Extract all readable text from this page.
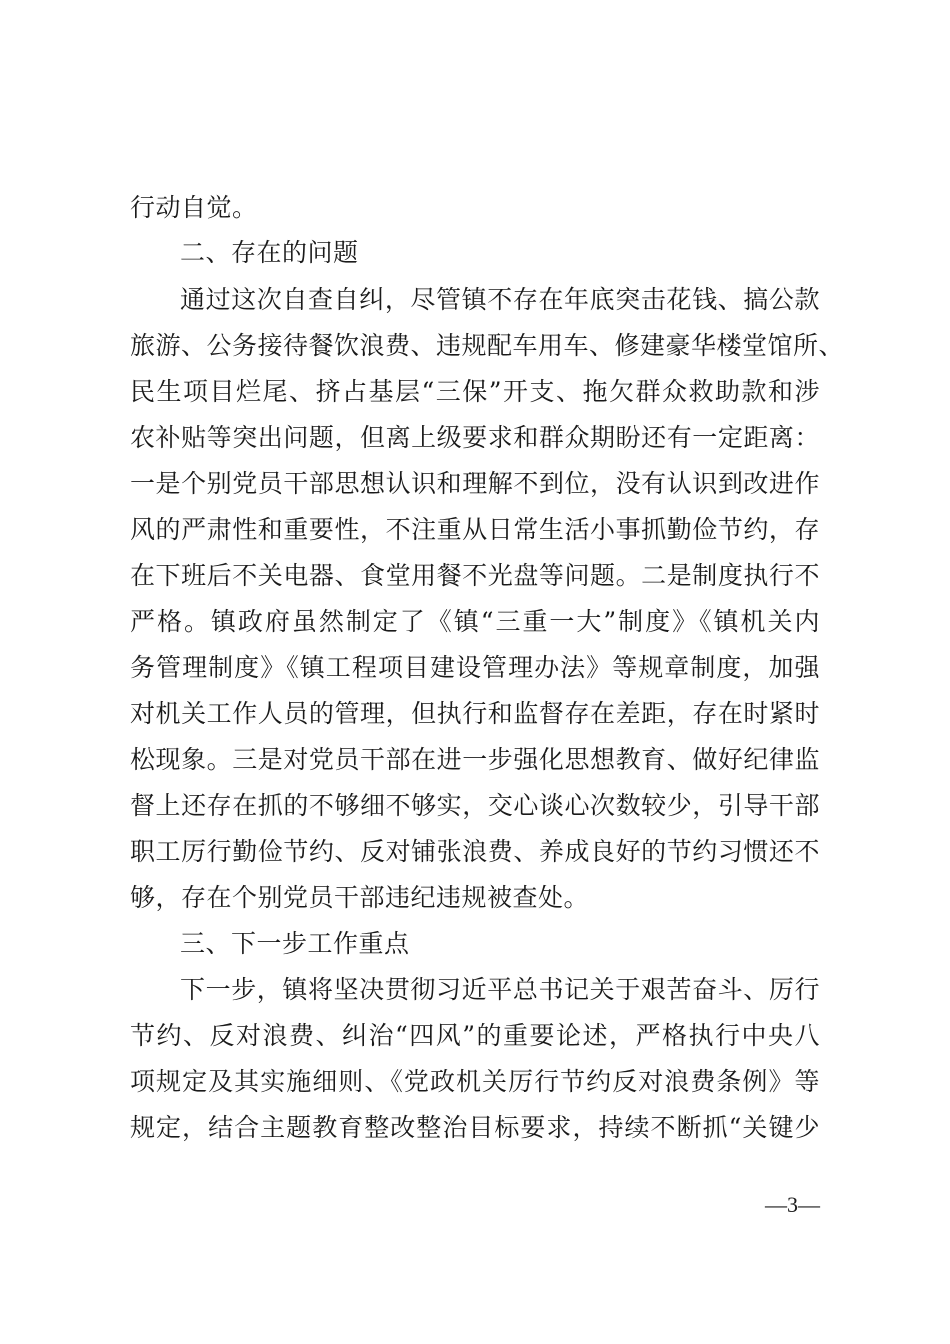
行动自觉。
二、存在的问题
通过这次自查自纠，尽管镇不存在年底突击花钱、搞公款
旅游、公务接待餐饮浪费、违规配车用车、修建豪华楼堂馆所、
民生项目烂尾、挤占基层“三保”开支、拖欠群众救助款和涉
农补贴等突出问题，但离上级要求和群众期盼还有一定距离：
一是个别党员干部思想认识和理解不到位，没有认识到改进作
风的严肃性和重要性，不注重从日常生活小事抓勤俭节约，存
在下班后不关电器、食堂用餐不光盘等问题。二是制度执行不
严格。镇政府虽然制定了《镇“三重一大”制度》《镇机关内
务管理制度》《镇工程项目建设管理办法》等规章制度，加强
对机关工作人员的管理，但执行和监督存在差距，存在时紧时
松现象。三是对党员干部在进一步强化思想教育、做好纪律监
督上还存在抓的不够细不够实，交心谈心次数较少，引导干部
职工厉行勤俭节约、反对铺张浪费、养成良好的节约习惯还不
够，存在个别党员干部违纪违规被查处。
三、下一步工作重点
下一步，镇将坚决贯彻习近平总书记关于艰苦奋斗、厉行
节约、反对浪费、纠治“四风”的重要论述，严格执行中央八
项规定及其实施细则、《党政机关厉行节约反对浪费条例》等
规定，结合主题教育整改整治目标要求，持续不断抓“关键少
—3—
